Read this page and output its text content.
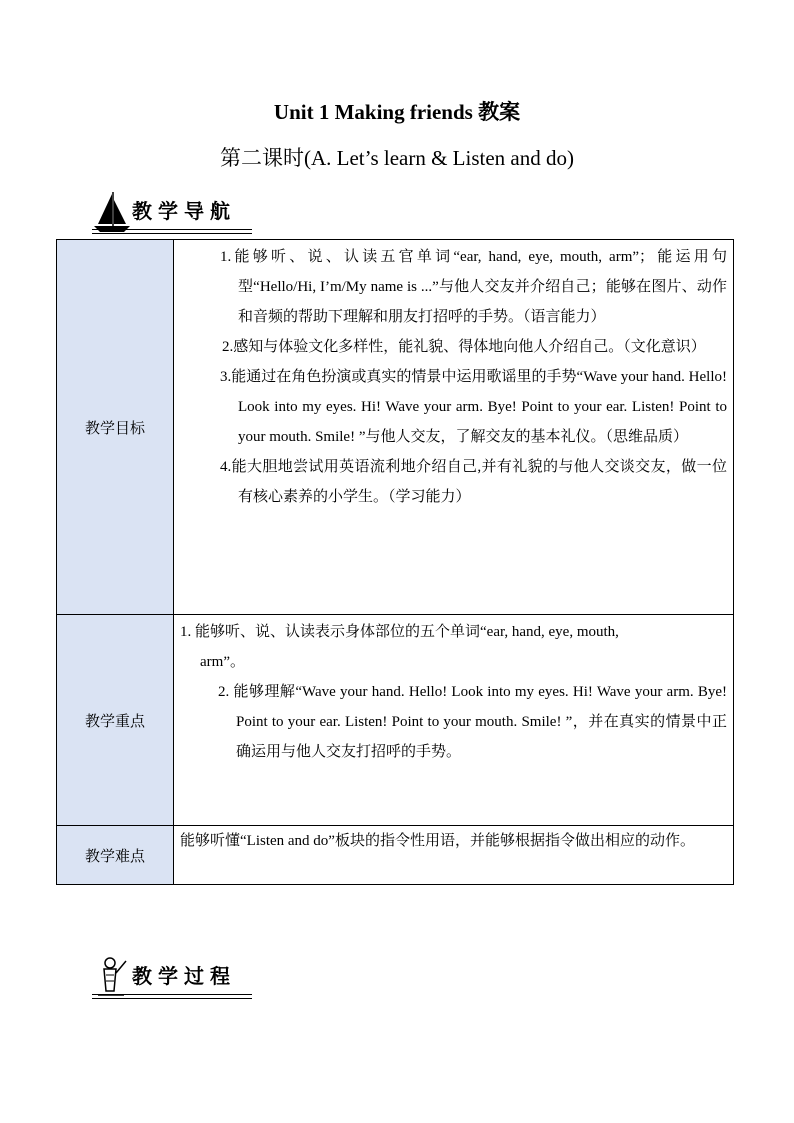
Unit 1 Making friends 教案
第二课时(A. Let’s learn & Listen and do)
教学导航
教学目标	1.能够听、说、认读五官单词“ear, hand, eye, mouth, arm”；能运用句型“Hello/Hi, I’m/My name is ...”与他人交友并介绍自己；能够在图片、动作和音频的帮助下理解和朋友打招呼的手势。（语言能力）

2.感知与体验文化多样性，能礼貌、得体地向他人介绍自己。（文化意识）

3.能通过在角色扮演或真实的情景中运用歌谣里的手势“Wave your hand. Hello! Look into my eyes. Hi! Wave your arm. Bye! Point to your ear. Listen! Point to your mouth. Smile! ”与他人交友，了解交友的基本礼仪。（思维品质）

4.能大胆地尝试用英语流利地介绍自己,并有礼貌的与他人交谈交友，做一位有核心素养的小学生。（学习能力）

教学重点	1. 能够听、说、认读表示身体部位的五个单词“ear, hand, eye, mouth,

arm”。

2. 能够理解“Wave your hand. Hello! Look into my eyes. Hi! Wave your arm. Bye! Point to your ear. Listen! Point to your mouth. Smile! ”，并在真实的情景中正确运用与他人交友打招呼的手势。

教学难点	能够听懂“Listen and do”板块的指令性用语，并能够根据指令做出相应的动作。

教学过程
